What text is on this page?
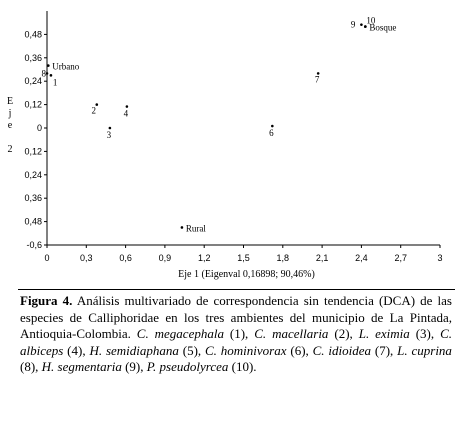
0,48
0,36
0,24
0,12
0
0,12
0,24
0,36
0,48
-0,6
0	0,3	0,6	0,9	1,2	1,5	1,8	2,1	2,4	2,7	3
1
2
3
4
6
7
8
9 10
Urbano
Rural
Bosque
E
j
e
2
Eje 1 (Eigenval 0,16898; 90,46%)
Figura 4. Análisis multivariado de correspondencia sin tendencia (DCA) de las especies de Calliphoridae en los tres ambientes del municipio de La Pintada, Antioquia-Colombia. C. megacephala (1), C. macellaria (2), L. eximia (3), C. albiceps (4), H. semidiaphana (5), C. hominivorax (6), C. idioidea (7), L. cuprina (8), H. segmentaria (9), P. pseudolyrcea (10).
